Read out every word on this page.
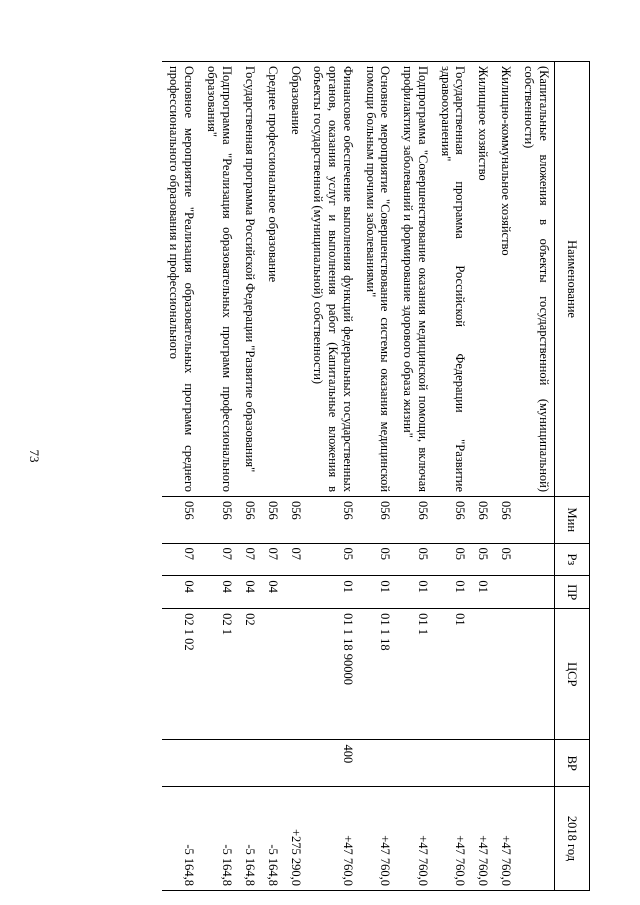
73
Наименование	Мин	Рз	ПР	ЦСР	ВР	2018 год
(Капитальные вложения в объекты государственной (муниципальной) собственности)						
Жилищно-коммунальное хозяйство	056	05				+47 760,0
Жилищное хозяйство	056	05	01			+47 760,0
Государственная программа Российской Федерации "Развитие здравоохранения"	056	05	01	01		+47 760,0
Подпрограмма "Совершенствование оказания медицинской помощи, включая профилактику заболеваний и формирование здорового образа жизни"	056	05	01	01 1		+47 760,0
Основное мероприятие "Совершенствование системы оказания медицинской помощи больным прочими заболеваниями"	056	05	01	01 1 18		+47 760,0
Финансовое обеспечение выполнения функций федеральных государственных органов, оказания услуг и выполнения работ (Капитальные вложения в объекты государственной (муниципальной) собственности)	056	05	01	01 1 18 90000	400	+47 760,0
Образование	056	07				+275 290,0
Среднее профессиональное образование	056	07	04			-5 164,8
Государственная программа Российской Федерации "Развитие образования"	056	07	04	02		-5 164,8
Подпрограмма "Реализация образовательных программ профессионального образования"	056	07	04	02 1		-5 164,8
Основное мероприятие "Реализация образовательных программ среднего профессионального образования и профессионального	056	07	04	02 1 02		-5 164,8
